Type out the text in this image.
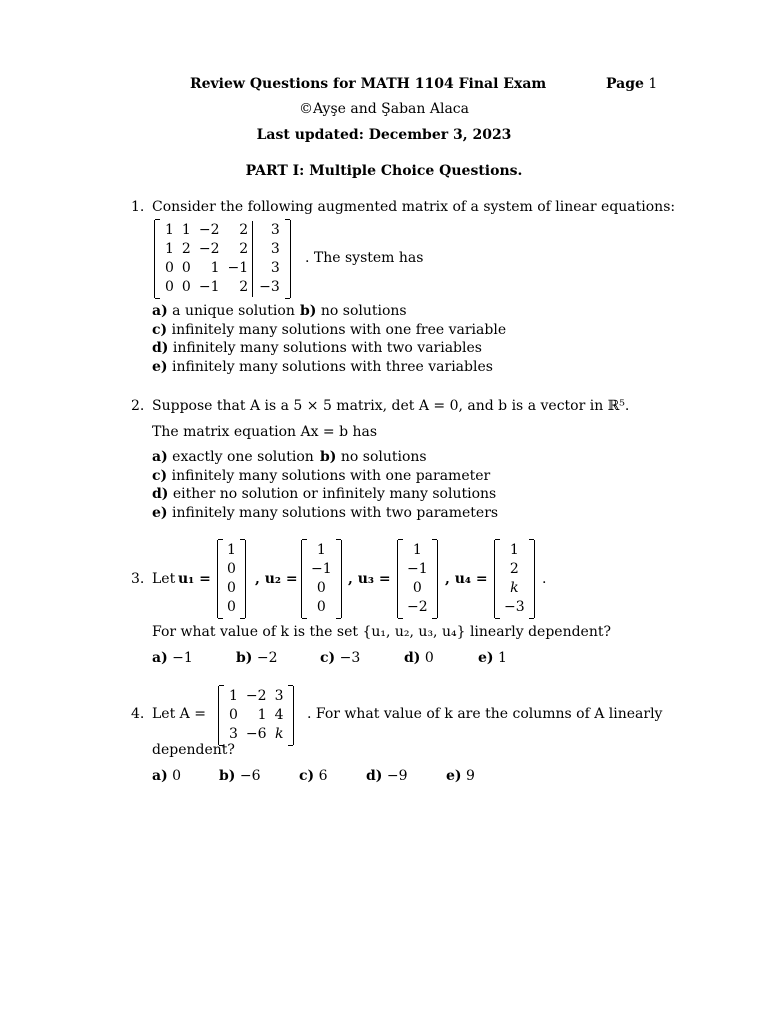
Review Questions for MATH 1104 Final Exam	Page 1
©Ayşe and Şaban Alaca
Last updated: December 3, 2023
PART I: Multiple Choice Questions.
1. Consider the following augmented matrix of a system of linear equations:
1	1	−2	2	3
1	2	−2	2	3
0	0	1	−1	3
0	0	−1	2	−3
. The system has
a) a unique solution b) no solutions
c) infinitely many solutions with one free variable
d) infinitely many solutions with two variables
e) infinitely many solutions with three variables
2. Suppose that A is a 5 × 5 matrix, det A = 0, and b is a vector in ℝ⁵.
The matrix equation Ax = b has
a) exactly one solution b) no solutions
c) infinitely many solutions with one parameter
d) either no solution or infinitely many solutions
e) infinitely many solutions with two parameters
3. Let u₁ =
1
0
0
0
, u₂ =
1
−1
0
0
, u₃ =
1
−1
0
−2
, u₄ =
1
2
k
−3
.
For what value of k is the set {u₁, u₂, u₃, u₄} linearly dependent?
a) −1	b) −2	c) −3	d) 0	e) 1
4. Let A =
1	−2	3
0	1	4
3	−6	k
. For what value of k are the columns of A linearly
dependent?
a) 0	b) −6	c) 6	d) −9	e) 9
